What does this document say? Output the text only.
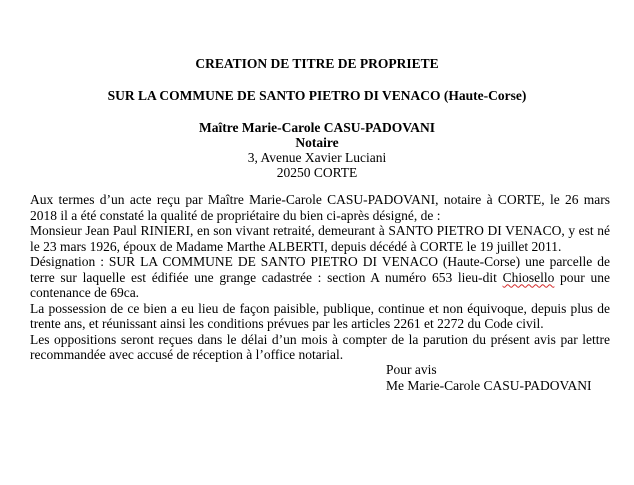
CREATION DE TITRE DE PROPRIETE
SUR LA COMMUNE DE SANTO PIETRO DI VENACO (Haute-Corse)
Maître Marie-Carole CASU-PADOVANI
Notaire
3, Avenue Xavier Luciani
20250 CORTE

Aux termes d’un acte reçu par Maître Marie-Carole CASU-PADOVANI, notaire à CORTE, le 26 mars 2018 il a été constaté la qualité de propriétaire du bien ci-après désigné, de :

Monsieur Jean Paul RINIERI, en son vivant retraité, demeurant à SANTO PIETRO DI VENACO, y est né le 23 mars 1926, époux de Madame Marthe ALBERTI, depuis décédé à CORTE le 19 juillet 2011.

Désignation : SUR LA COMMUNE DE SANTO PIETRO DI VENACO (Haute-Corse) une parcelle de terre sur laquelle est édifiée une grange cadastrée : section A numéro 653 lieu-dit Chiosello pour une contenance de 69ca.

La possession de ce bien a eu lieu de façon paisible, publique, continue et non équivoque, depuis plus de trente ans, et réunissant ainsi les conditions prévues par les articles 2261 et 2272 du Code civil.

Les oppositions seront reçues dans le délai d’un mois à compter de la parution du présent avis par lettre recommandée avec accusé de réception à l’office notarial.

Pour avis
Me Marie-Carole CASU-PADOVANI
